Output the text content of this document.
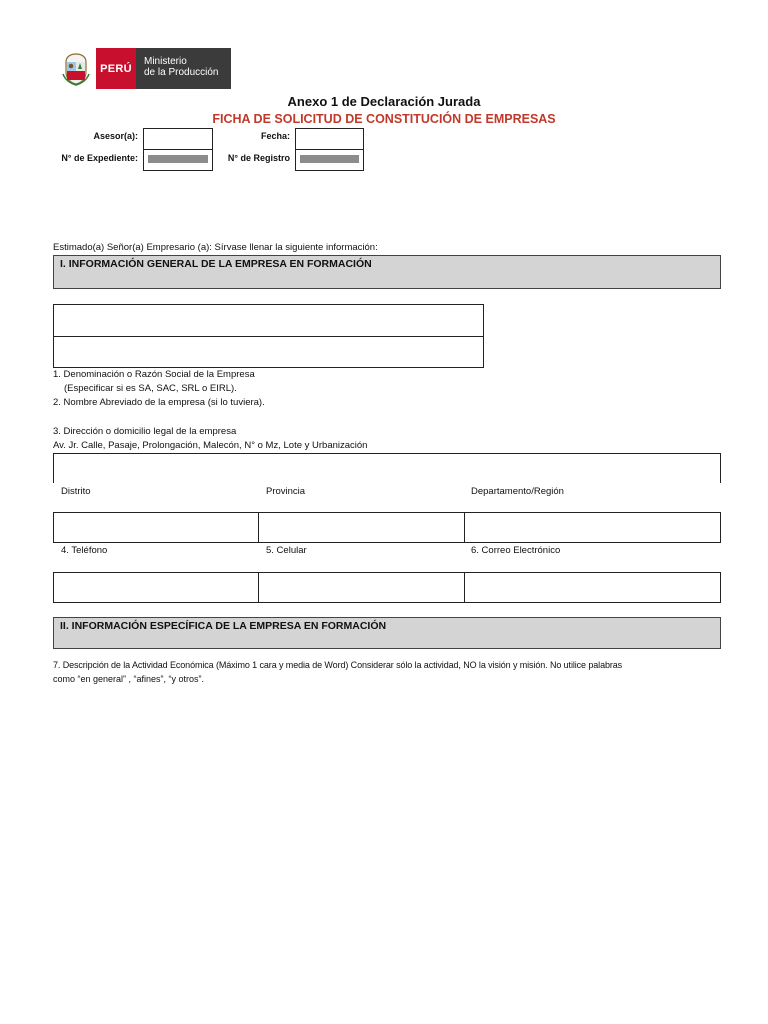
PERÚ
Ministerio
de la Producción
Anexo 1 de Declaración Jurada
FICHA DE SOLICITUD DE CONSTITUCIÓN DE EMPRESAS
Asesor(a):	Fecha:
N° de Expediente:	N° de Registro
Estimado(a) Señor(a) Empresario (a): Sírvase llenar la siguiente información:
I. INFORMACIÓN GENERAL DE LA EMPRESA EN FORMACIÓN
1. Denominación o Razón Social de la Empresa
(Especificar si es SA, SAC, SRL o EIRL).
2. Nombre Abreviado de la empresa (si lo tuviera).
3. Dirección o domicilio legal de la empresa
Av. Jr. Calle, Pasaje, Prolongación, Malecón, N° o Mz, Lote y Urbanización
Distrito	Provincia	Departamento/Región
4. Teléfono	5. Celular	6. Correo Electrónico
II. INFORMACIÓN ESPECÍFICA DE LA EMPRESA EN FORMACIÓN
7. Descripción de la Actividad Económica (Máximo 1 cara y media de Word) Considerar sólo la actividad, NO la visión y misión. No utilice palabras
como “en general” , “afines”, “y otros”.
